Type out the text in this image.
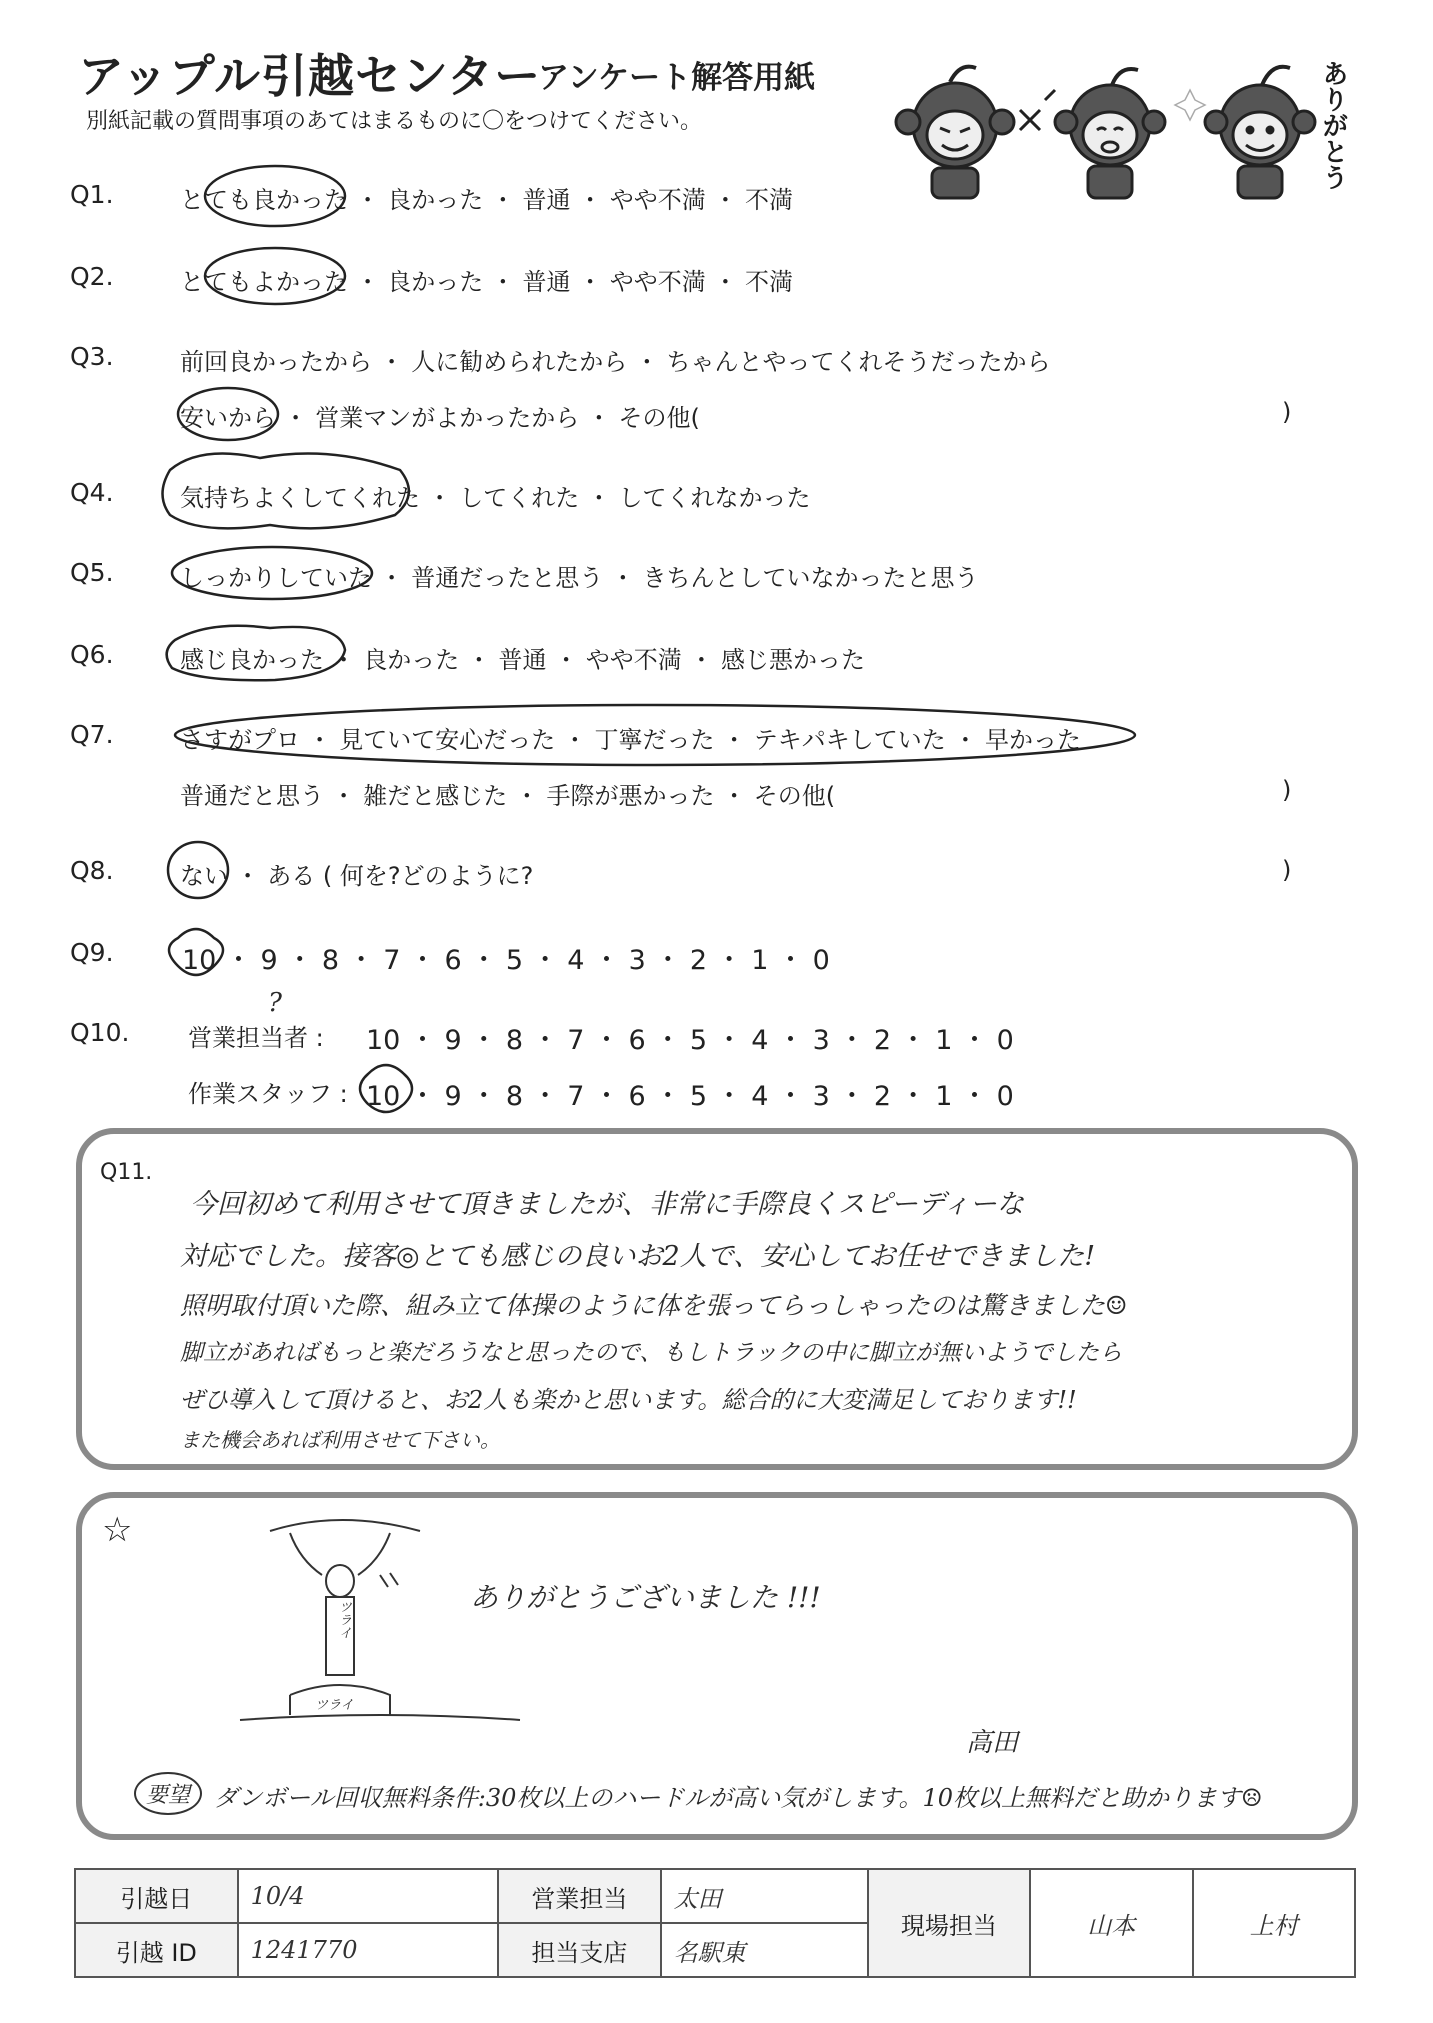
アップル引越センター
アンケート解答用紙
別紙記載の質問事項のあてはまるものに〇をつけてください。	ありがとう
Q1.	とても良かった ・ 良かった ・ 普通 ・ やや不満 ・ 不満
Q2.	とてもよかった ・ 良かった ・ 普通 ・ やや不満 ・ 不満
Q3.	前回良かったから ・ 人に勧められたから ・ ちゃんとやってくれそうだったから
安いから ・ 営業マンがよかったから ・ その他(	)
Q4.	気持ちよくしてくれた ・ してくれた ・ してくれなかった
Q5.	しっかりしていた ・ 普通だったと思う ・ きちんとしていなかったと思う
Q6.	感じ良かった ・ 良かった ・ 普通 ・ やや不満 ・ 感じ悪かった
Q7.	さすがプロ ・ 見ていて安心だった ・ 丁寧だった ・ テキパキしていた ・ 早かった
普通だと思う ・ 雑だと感じた ・ 手際が悪かった ・ その他(	)
Q8.	ない ・ ある ( 何を?どのように?	)
Q9.	10 ・ 9 ・ 8 ・ 7 ・ 6 ・ 5 ・ 4 ・ 3 ・ 2 ・ 1 ・ 0
Q10. 営業担当者 : 10 ・ 9 ・ 8 ・ 7 ・ 6 ・ 5 ・ 4 ・ 3 ・ 2 ・ 1 ・ 0
?
作業スタッフ : 10 ・ 9 ・ 8 ・ 7 ・ 6 ・ 5 ・ 4 ・ 3 ・ 2 ・ 1 ・ 0
Q11.
今回初めて利用させて頂きましたが、非常に手際良くスピーディーな
対応でした。接客◎とても感じの良いお2人で、安心してお任せできました!
照明取付頂いた際、組み立て体操のように体を張ってらっしゃったのは驚きました☺
脚立があればもっと楽だろうなと思ったので、もしトラックの中に脚立が無いようでしたら
ぜひ導入して頂けると、お2人も楽かと思います。総合的に大変満足しております!!
また機会あれば利用させて下さい。
☆
ツライ
ツライ
ありがとうございました !!!
高田
要望 ダンボール回収無料条件:30枚以上のハードルが高い気がします。10枚以上無料だと助かります☹
引越日	10/4	営業担当	太田	現場担当	山本	上村
引越 ID	1241770	担当支店	名駅東			
